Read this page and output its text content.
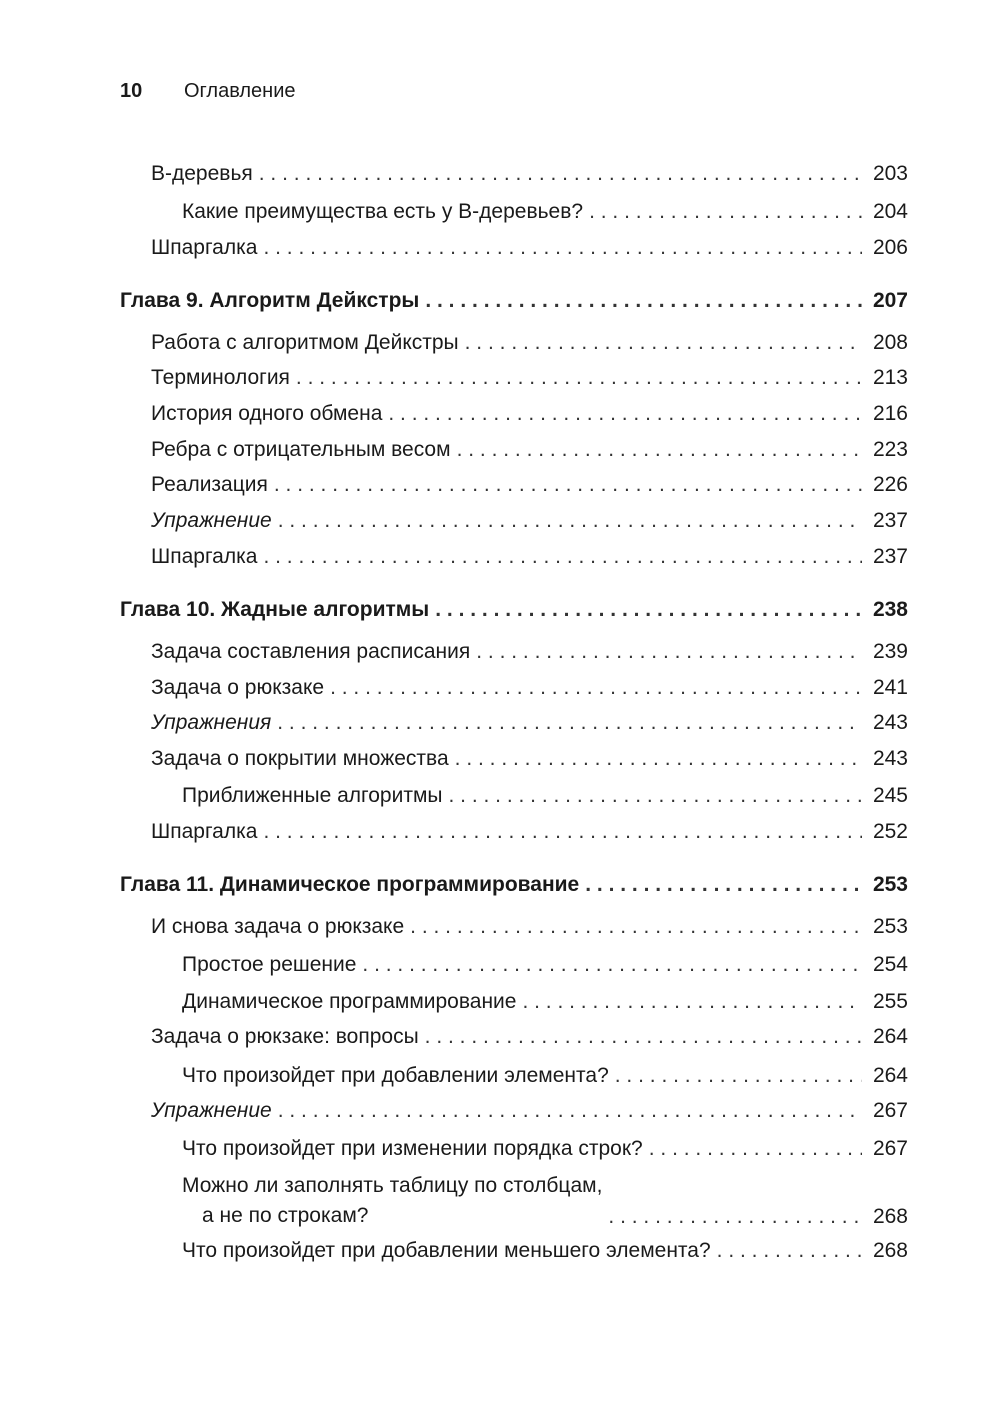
10	Оглавление
B-деревья . . .	203
Какие преимущества есть у B-деревьев? . . .	204
Шпаргалка . . .	206
Глава 9. Алгоритм Дейкстры . . .	207
Работа с алгоритмом Дейкстры . . .	208
Терминология . . .	213
История одного обмена . . .	216
Ребра с отрицательным весом . . .	223
Реализация . . .	226
Упражнение . . .	237
Шпаргалка . . .	237
Глава 10. Жадные алгоритмы . . .	238
Задача составления расписания . . .	239
Задача о рюкзаке . . .	241
Упражнения . . .	243
Задача о покрытии множества . . .	243
Приближенные алгоритмы . . .	245
Шпаргалка . . .	252
Глава 11. Динамическое программирование . . .	253
И снова задача о рюкзаке . . .	253
Простое решение . . .	254
Динамическое программирование . . .	255
Задача о рюкзаке: вопросы . . .	264
Что произойдет при добавлении элемента? . . .	264
Упражнение . . .	267
Что произойдет при изменении порядка строк? . . .	267
Можно ли заполнять таблицу по столбцам,
а не по строкам? . . .	268
Что произойдет при добавлении меньшего элемента? . . .	268
